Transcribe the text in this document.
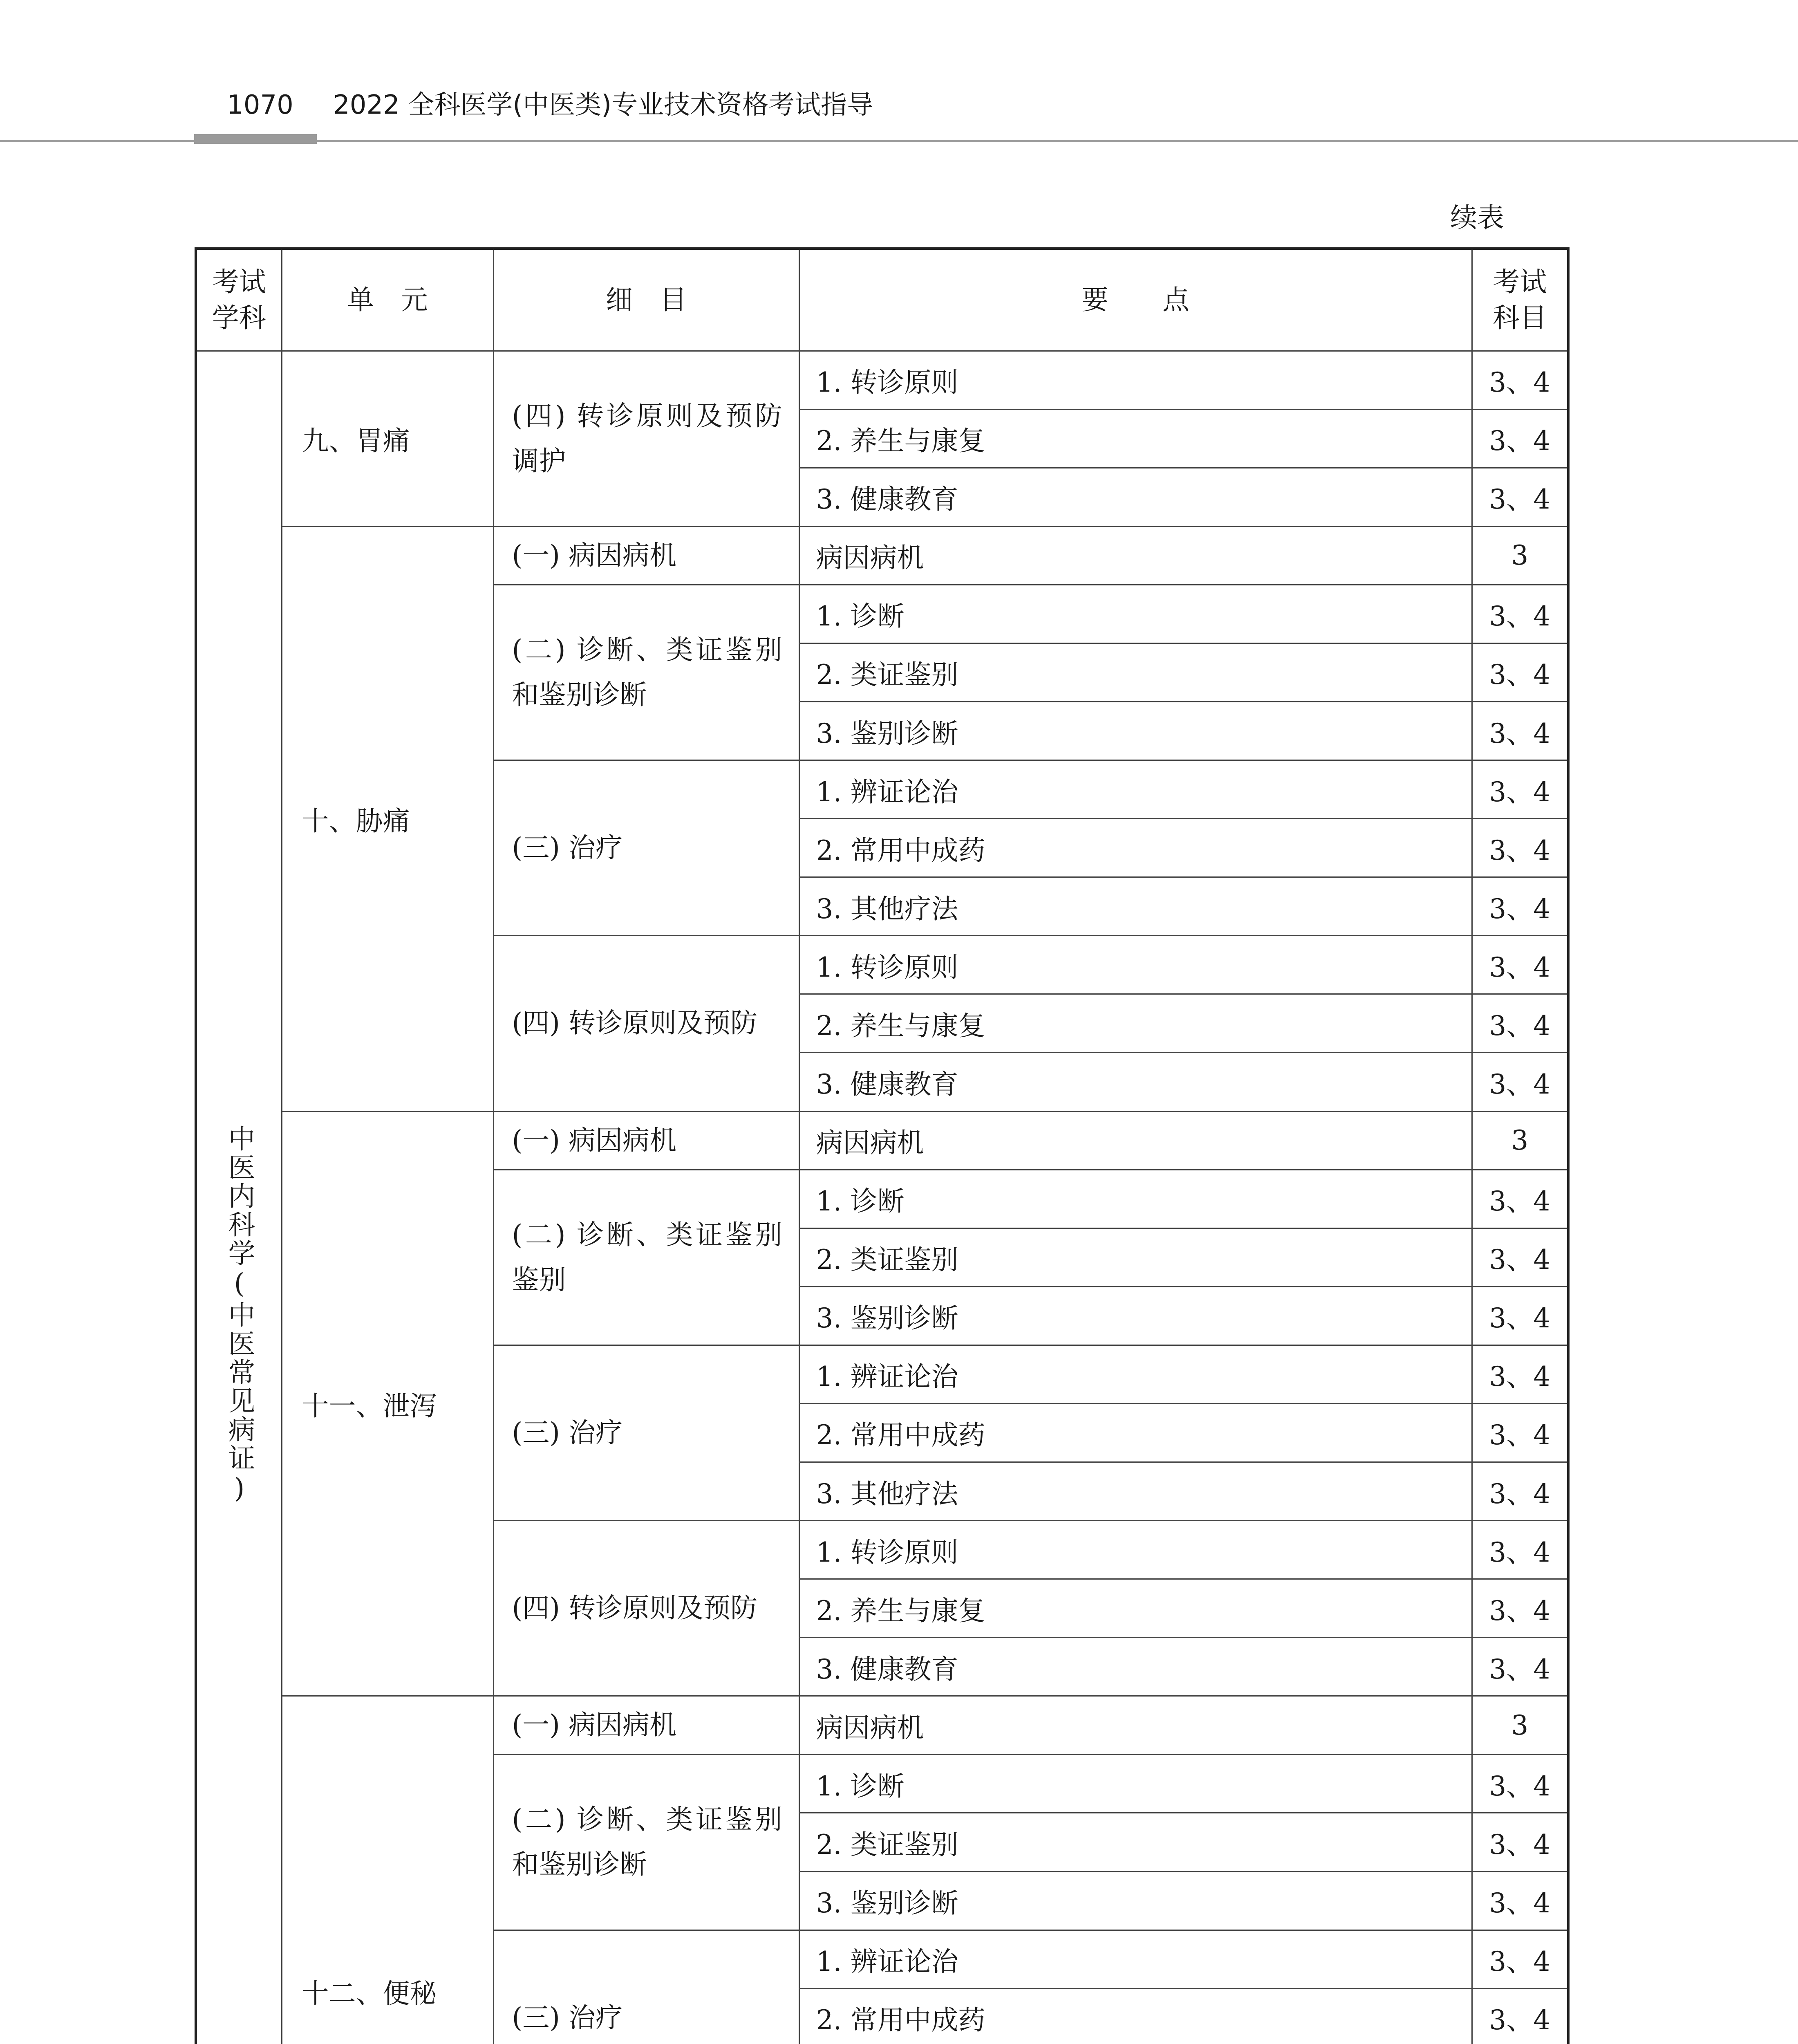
1070 2022 全科医学(中医类)专业技术资格考试指导
续表
考试学科	单　元	细　目	要　　点	考试科目
中医内科学(中医常见病证)	九、胃痛	(四) 转诊原则及预防调护	1. 转诊原则	3、4
			2. 养生与康复	3、4
			3. 健康教育	3、4
	十、胁痛	(一) 病因病机	病因病机	3
		(二) 诊断、类证鉴别和鉴别诊断	1. 诊断	3、4
			2. 类证鉴别	3、4
			3. 鉴别诊断	3、4
		(三) 治疗	1. 辨证论治	3、4
			2. 常用中成药	3、4
			3. 其他疗法	3、4
		(四) 转诊原则及预防	1. 转诊原则	3、4
			2. 养生与康复	3、4
			3. 健康教育	3、4
	十一、泄泻	(一) 病因病机	病因病机	3
		(二) 诊断、类证鉴别鉴别	1. 诊断	3、4
			2. 类证鉴别	3、4
			3. 鉴别诊断	3、4
		(三) 治疗	1. 辨证论治	3、4
			2. 常用中成药	3、4
			3. 其他疗法	3、4
		(四) 转诊原则及预防	1. 转诊原则	3、4
			2. 养生与康复	3、4
			3. 健康教育	3、4
	十二、便秘	(一) 病因病机	病因病机	3
		(二) 诊断、类证鉴别和鉴别诊断	1. 诊断	3、4
			2. 类证鉴别	3、4
			3. 鉴别诊断	3、4
		(三) 治疗	1. 辨证论治	3、4
			2. 常用中成药	3、4
